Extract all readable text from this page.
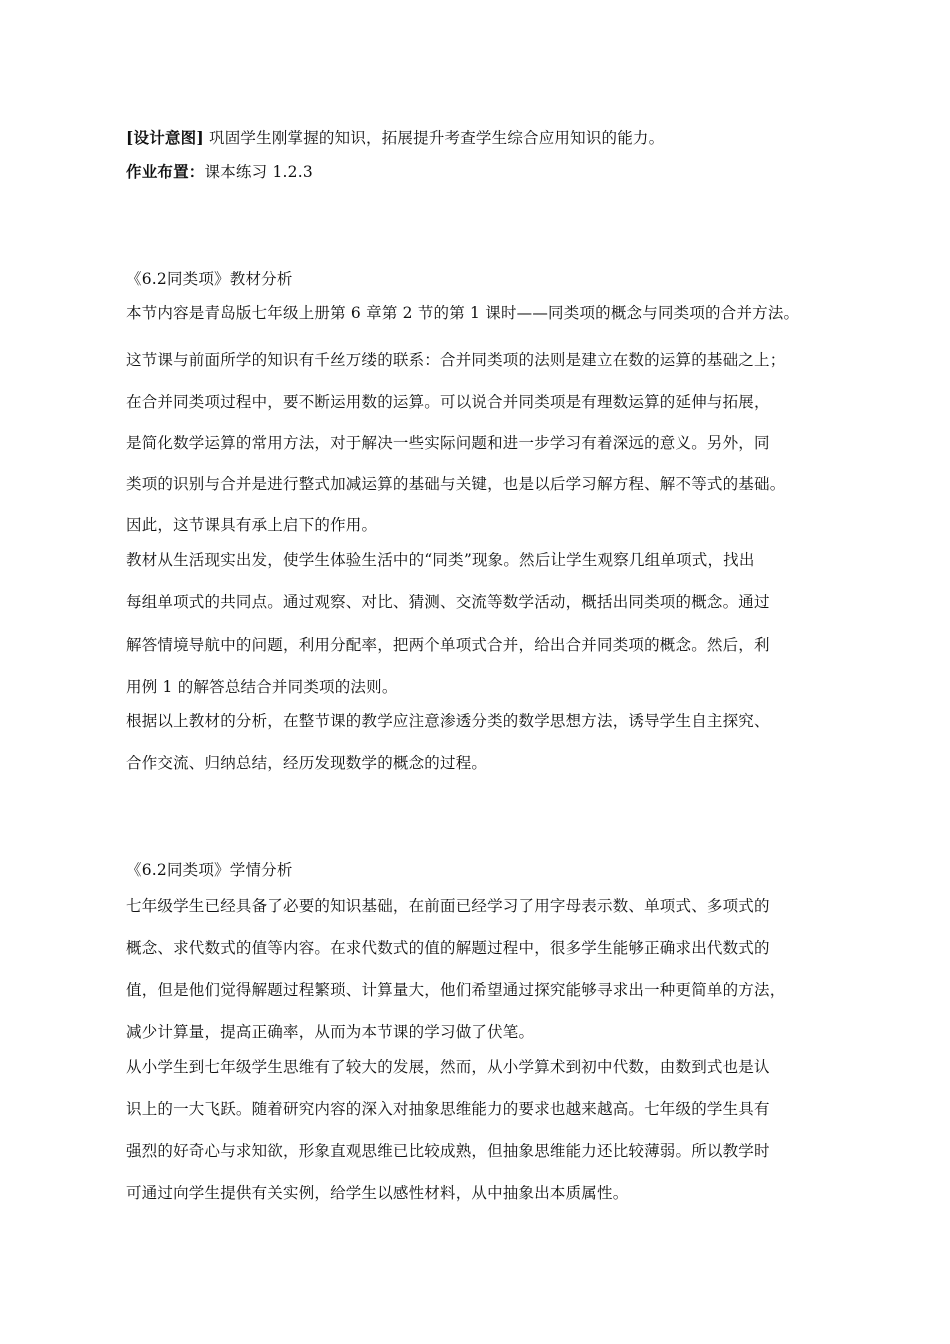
[设计意图] 巩固学生刚掌握的知识，拓展提升考查学生综合应用知识的能力。
作业布置：课本练习 1.2.3
《6.2同类项》教材分析
本节内容是青岛版七年级上册第 6 章第 2 节的第 1 课时——同类项的概念与同类项的合并方法。
这节课与前面所学的知识有千丝万缕的联系：合并同类项的法则是建立在数的运算的基础之上；
在合并同类项过程中，要不断运用数的运算。可以说合并同类项是有理数运算的延伸与拓展，
是简化数学运算的常用方法，对于解决一些实际问题和进一步学习有着深远的意义。另外，同
类项的识别与合并是进行整式加减运算的基础与关键，也是以后学习解方程、解不等式的基础。
因此，这节课具有承上启下的作用。
教材从生活现实出发，使学生体验生活中的“同类”现象。然后让学生观察几组单项式，找出
每组单项式的共同点。通过观察、对比、猜测、交流等数学活动，概括出同类项的概念。通过
解答情境导航中的问题，利用分配率，把两个单项式合并，给出合并同类项的概念。然后，利
用例 1 的解答总结合并同类项的法则。
根据以上教材的分析，在整节课的教学应注意渗透分类的数学思想方法，诱导学生自主探究、
合作交流、归纳总结，经历发现数学的概念的过程。
《6.2同类项》学情分析
七年级学生已经具备了必要的知识基础，在前面已经学习了用字母表示数、单项式、多项式的
概念、求代数式的值等内容。在求代数式的值的解题过程中，很多学生能够正确求出代数式的
值，但是他们觉得解题过程繁琐、计算量大，他们希望通过探究能够寻求出一种更简单的方法，
减少计算量，提高正确率，从而为本节课的学习做了伏笔。
从小学生到七年级学生思维有了较大的发展，然而，从小学算术到初中代数，由数到式也是认
识上的一大飞跃。随着研究内容的深入对抽象思维能力的要求也越来越高。七年级的学生具有
强烈的好奇心与求知欲，形象直观思维已比较成熟，但抽象思维能力还比较薄弱。所以教学时
可通过向学生提供有关实例，给学生以感性材料，从中抽象出本质属性。
